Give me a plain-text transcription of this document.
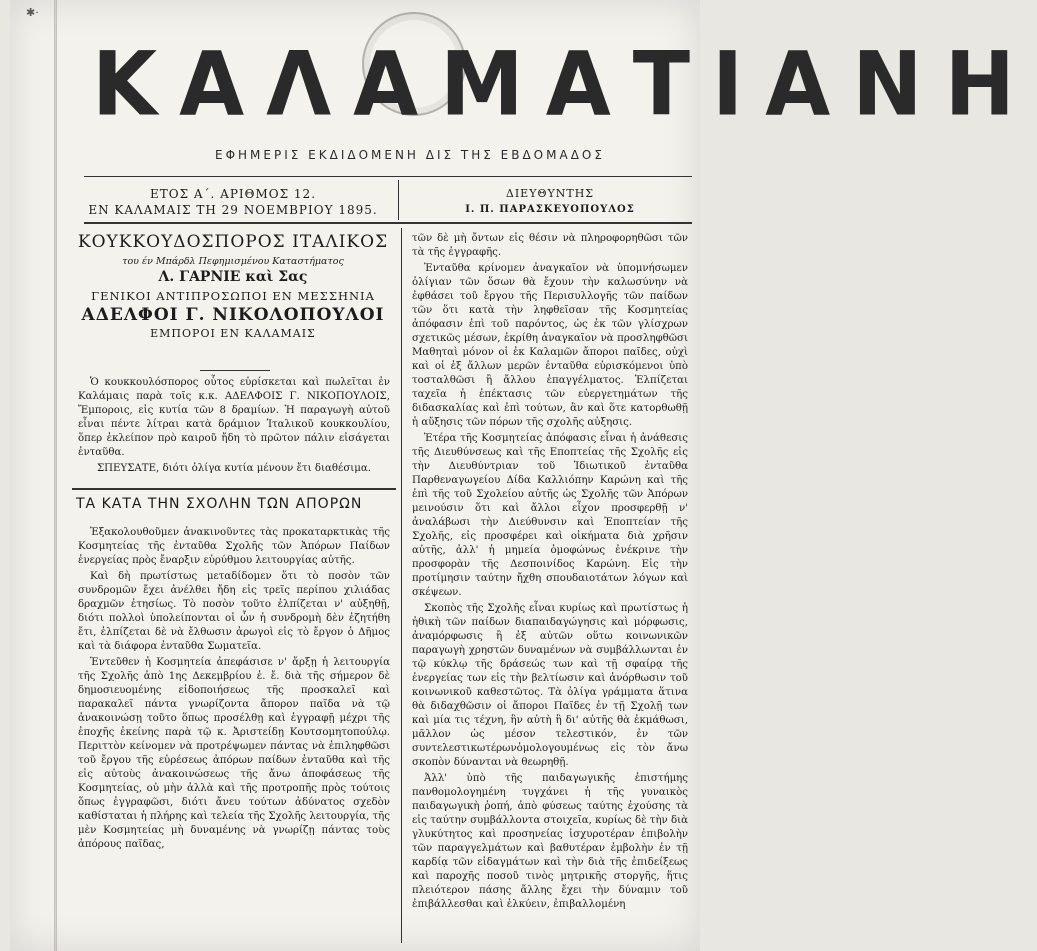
✱·
ΚΑΛΑΜΑΤΙΑΝΗ
ΕΦΗΜΕΡΙΣ ΕΚΔΙΔΟΜΕΝΗ ΔΙΣ ΤΗΣ ΕΒΔΟΜΑΔΟΣ
ΕΤΟΣ Α΄. ΑΡΙΘΜΟΣ 12.
ΕΝ ΚΑΛΑΜΑΙΣ ΤΗ 29 ΝΟΕΜΒΡΙΟΥ 1895.
ΔΙΕΥΘΥΝΤΗΣ
Ι. Π. ΠΑΡΑΣΚΕΥΟΠΟΥΛΟΣ
ΚΟΥΚΚΟΥΔΟΣΠΟΡΟΣ ΙΤΑΛΙΚΟΣ
του έν Μπάρδλ Πεφημισμένου Καταστήματος
Λ. ΓΑΡΝΙΕ καὶ Σας
ΓΕΝΙΚΟΙ ΑΝΤΙΠΡΟΣΩΠΟΙ ΕΝ ΜΕΣΣΗΝΙΑ
ΑΔΕΛΦΟΙ Γ. ΝΙΚΟΛΟΠΟΥΛΟΙ
ΕΜΠΟΡΟΙ ΕΝ ΚΑΛΑΜΑΙΣ

Ὁ κουκκουλόσπορος οὗτος εὑρίσκεται καὶ πωλεῖται ἐν Καλάμαις παρὰ τοῖς κ.κ. ΑΔΕΛΦΟΙΣ Γ. ΝΙΚΟΠΟΥΛΟΙΣ, Ἔμποροις, εἰς κυτία τῶν 8 δραμίων. Ἡ παραγωγὴ αὐτοῦ εἶναι πέντε λίτραι κατὰ δράμιον Ἰταλικοῦ κουκκουλίου, ὅπερ ἐκλείπον πρὸ καιροῦ ἤδη τὸ πρῶτον πάλιν εἰσάγεται ἐνταῦθα.

ΣΠΕΥΣΑΤΕ, διότι ὀλίγα κυτία μένουν ἔτι διαθέσιμα.

ΤΑ ΚΑΤΑ ΤΗΝ ΣΧΟΛΗΝ ΤΩΝ ΑΠΟΡΩΝ

Ἐξακολουθοῦμεν ἀνακινοῦντες τὰς προκαταρκτικὰς τῆς Κοσμητείας τῆς ἐνταῦθα Σχολῆς τῶν Ἀπόρων Παίδων ἐνεργείας πρὸς ἔναρξιν εὐρύθμου λειτουργίας αὐτῆς.

Καὶ δὴ πρωτίστως μεταδίδομεν ὅτι τὸ ποσὸν τῶν συνδρομῶν ἔχει ἀνέλθει ἤδη εἰς τρεῖς περίπου χιλιάδας δραχμῶν ἐτησίως. Τὸ ποσὸν τοῦτο ἐλπίζεται ν' αὐξηθῇ, διότι πολλοὶ ὑπολείπονται οἱ ὧν ἡ συνδρομὴ δὲν ἐζητήθη ἔτι, ἐλπίζεται δὲ νὰ ἔλθωσιν ἀρωγοὶ εἰς τὸ ἔργον ὁ Δῆμος καὶ τὰ διάφορα ἐνταῦθα Σωματεῖα.

Ἐντεῦθεν ἡ Κοσμητεία ἀπεφάσισε ν' ἄρξῃ ἡ λειτουργία τῆς Σχολῆς ἀπὸ 1ης Δεκεμβρίου ἐ. ἔ. διὰ τῆς σήμερον δὲ δημοσιευομένης εἰδοποιήσεως τῆς προσκαλεῖ καὶ παρακαλεῖ πάντα γνωρίζοντα ἄπορον παῖδα νὰ τῷ ἀνακοινώσῃ τοῦτο ὅπως προσέλθῃ καὶ ἐγγραφῇ μέχρι τῆς ἐποχῆς ἐκείνης παρὰ τῷ κ. Ἀριστείδῃ Κουτσομητοπούλῳ. Περιττὸν κείνομεν νὰ προτρέψωμεν πάντας νὰ ἐπιληφθῶσι τοῦ ἔργου τῆς εὑρέσεως ἀπόρων παίδων ἐνταῦθα καὶ τῆς εἰς αὐτοὺς ἀνακοινώσεως τῆς ἄνω ἀποφάσεως τῆς Κοσμητείας, οὐ μὴν ἀλλὰ καὶ τῆς προτροπῆς πρὸς τούτοις ὅπως ἐγγραφῶσι, διότι ἄνευ τούτων ἀδύνατος σχεδὸν καθίσταται ἡ πλήρης καὶ τελεία τῆς Σχολῆς λειτουργία, τῆς μὲν Κοσμητείας μὴ δυναμένης νὰ γνωρίζῃ πάντας τοὺς ἀπόρους παῖδας,

τῶν δὲ μὴ ὄντων εἰς θέσιν νὰ πληροφορηθῶσι τῶν τὰ τῆς ἐγγραφῆς.

Ἐνταῦθα κρίνομεν ἀναγκαῖον νὰ ὑπομνήσωμεν ὀλίγιαν τῶν ὅσων θὰ ἔχουν τὴν καλωσύνην νὰ ἐφθάσει τοῦ ἔργου τῆς Περισυλλογῆς τῶν παίδων τῶν ὅτι κατὰ τὴν ληφθεῖσαν τῆς Κοσμητείας ἀπόφασιν ἐπὶ τοῦ παρόντος, ὡς ἐκ τῶν γλίσχρων σχετικῶς μέσων, ἐκρίθη ἀναγκαῖον νὰ προσληφθῶσι Μαθηταὶ μόνον οἱ ἐκ Καλαμῶν ἄποροι παῖδες, οὐχὶ καὶ οἱ ἐξ ἄλλων μερῶν ἐνταῦθα εὑρισκόμενοι ὑπὸ τοσταλθῶσι ἢ ἄλλου ἐπαγγέλματος. Ἐλπίζεται ταχεῖα ἡ ἐπέκτασις τῶν εὐεργετημάτων τῆς διδασκαλίας καὶ ἐπὶ τούτων, ἂν καὶ ὅτε κατορθωθῇ ἡ αὔξησις τῶν πόρων τῆς σχολῆς αὐξησις.

Ἑτέρα τῆς Κοσμητείας ἀπόφασις εἶναι ἡ ἀνάθεσις τῆς Διευθύνσεως καὶ τῆς Εποπτείας τῆς Σχολῆς εἰς τὴν Διευθύντριαν τοῦ Ἰδιωτικοῦ ἐνταῦθα Παρθεναγωγείου Δίδα Καλλιόπην Καρώνη καὶ τῆς ἐπὶ τῆς τοῦ Σχολείου αὐτῆς ὡς Σχολῆς τῶν Ἀπόρων μεινούσιν ὅτι καὶ ἄλλοι εἶχον προσφερθῇ ν' ἀναλάβωσι τὴν Διεύθυνσιν καὶ Ἐποπτείαν τῆς Σχολῆς, εἰς προσφέρει καὶ οἰκήματα διὰ χρῆσιν αὐτῆς, ἀλλ' ἡ μημεία ὁμοφώνως ἐνέκρινε τὴν προσφορὰν τῆς Δεσποινίδος Καρώνη. Εἰς τὴν προτίμησιν ταύτην ἤχθη σπουδαιοτάτων λόγων καὶ σκέψεων.

Σκοπὸς τῆς Σχολῆς εἶναι κυρίως καὶ πρωτίστως ἡ ἠθικὴ τῶν παίδων διαπαιδαγώγησις καὶ μόρφωσις, ἀναμόρφωσις ἢ ἐξ αὐτῶν οὕτω κοινωνικῶν παραγωγὴ χρηστῶν δυναμένων νὰ συμβάλλωνται ἐν τῷ κύκλῳ τῆς δράσεώς των καὶ τῇ σφαίρᾳ τῆς ἐνεργείας των εἰς τὴν βελτίωσιν καὶ ἀνόρθωσιν τοῦ κοινωνικοῦ καθεστῶτος. Τὰ ὀλίγα γράμματα ἅτινα θὰ διδαχθῶσιν οἱ ἄποροι Παῖδες ἐν τῇ Σχολῇ των καὶ μία τις τέχνη, ἣν αὐτὴ ἢ δι' αὐτῆς θὰ ἐκμάθωσι, μᾶλλον ὡς μέσον τελεστικόν, ἐν τῶν συντελεστικωτέρωνὁμολογουμένως εἰς τὸν ἄνω σκοπὸν δύνανται νὰ θεωρηθῇ.

Ἀλλ' ὑπὸ τῆς παιδαγωγικῆς ἐπιστήμης πανθομολογημένη τυγχάνει ἡ τῆς γυναικὸς παιδαγωγικὴ ῥοπή, ἀπὸ φύσεως ταύτης ἐχούσης τὰ εἰς ταύτην συμβάλλοντα στοιχεῖα, κυρίως δὲ τὴν διὰ γλυκύτητος καὶ προσηνείας ἰσχυροτέραν ἐπιβολὴν τῶν παραγγελμάτων καὶ βαθυτέραν ἐμβολὴν ἐν τῇ καρδίᾳ τῶν εἰδαγμάτων καὶ τὴν διὰ τῆς ἐπιδείξεως καὶ παροχῆς ποσοῦ τινὸς μητρικῆς στοργῆς, ἥτις πλειότερον πάσης ἄλλης ἔχει τὴν δύναμιν τοῦ ἐπιβάλλεσθαι καὶ ἑλκύειν, ἐπιβαλλομένη
